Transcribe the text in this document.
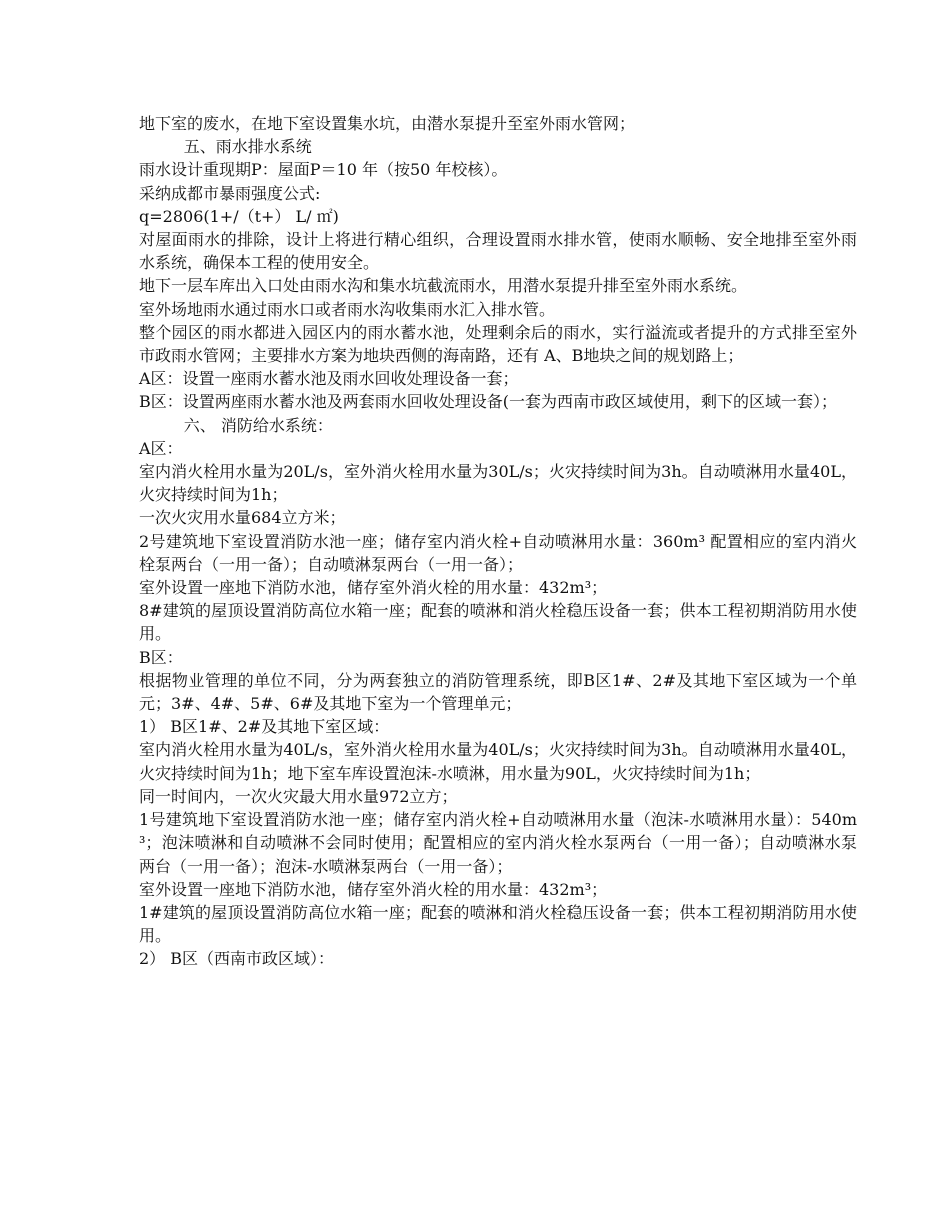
地下室的废水，在地下室设置集水坑，由潜水泵提升至室外雨水管网；

五、雨水排水系统

雨水设计重现期P：屋面P＝10 年（按50 年校核）。

采纳成都市暴雨强度公式:

q=2806(1+/（t+） L/ ㎡)

对屋面雨水的排除，设计上将进行精心组织，合理设置雨水排水管，使雨水顺畅、安全地排至室外雨水系统，确保本工程的使用安全。

地下一层车库出入口处由雨水沟和集水坑截流雨水，用潜水泵提升排至室外雨水系统。

室外场地雨水通过雨水口或者雨水沟收集雨水汇入排水管。

整个园区的雨水都进入园区内的雨水蓄水池，处理剩余后的雨水，实行溢流或者提升的方式排至室外市政雨水管网；主要排水方案为地块西侧的海南路，还有 A、B地块之间的规划路上；

A区：设置一座雨水蓄水池及雨水回收处理设备一套；

B区：设置两座雨水蓄水池及两套雨水回收处理设备(一套为西南市政区域使用，剩下的区域一套）；

六、 消防给水系统：

A区：

室内消火栓用水量为20L/s，室外消火栓用水量为30L/s；火灾持续时间为3h。自动喷淋用水量40L，火灾持续时间为1h；

一次火灾用水量684立方米；

2号建筑地下室设置消防水池一座；储存室内消火栓+自动喷淋用水量：360m³ 配置相应的室内消火栓泵两台（一用一备）；自动喷淋泵两台（一用一备）；

室外设置一座地下消防水池，储存室外消火栓的用水量：432m³；

8#建筑的屋顶设置消防高位水箱一座；配套的喷淋和消火栓稳压设备一套；供本工程初期消防用水使用。

B区：

根据物业管理的单位不同，分为两套独立的消防管理系统，即B区1#、2#及其地下室区域为一个单元；3#、4#、5#、6#及其地下室为一个管理单元；

1） B区1#、2#及其地下室区域：

室内消火栓用水量为40L/s，室外消火栓用水量为40L/s；火灾持续时间为3h。自动喷淋用水量40L，火灾持续时间为1h；地下室车库设置泡沫-水喷淋，用水量为90L，火灾持续时间为1h；

同一时间内，一次火灾最大用水量972立方；

1号建筑地下室设置消防水池一座；储存室内消火栓+自动喷淋用水量（泡沫-水喷淋用水量）：540m³；泡沫喷淋和自动喷淋不会同时使用；配置相应的室内消火栓水泵两台（一用一备）；自动喷淋水泵两台（一用一备）；泡沫-水喷淋泵两台（一用一备）；

室外设置一座地下消防水池，储存室外消火栓的用水量：432m³；

1#建筑的屋顶设置消防高位水箱一座；配套的喷淋和消火栓稳压设备一套；供本工程初期消防用水使用。

2） B区（西南市政区域）：
